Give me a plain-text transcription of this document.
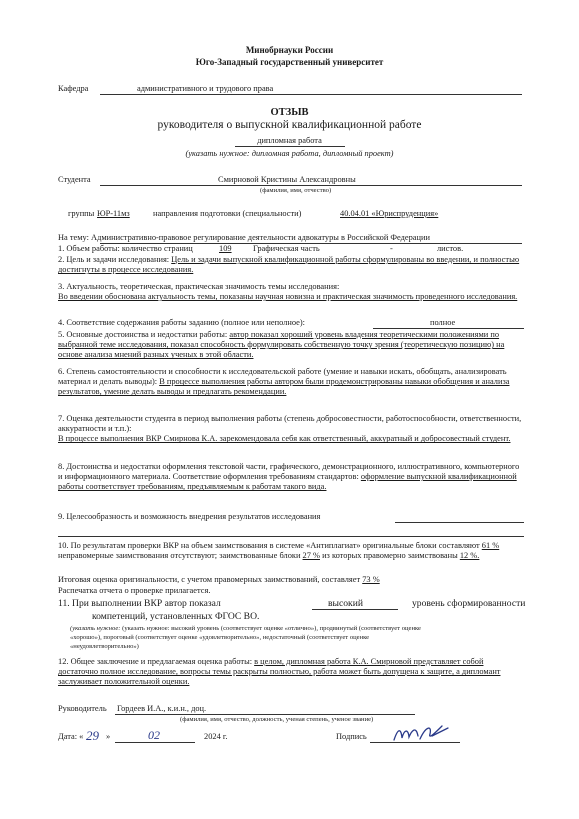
Минобрнауки России
Юго-Западный государственный университет
Кафедра	административного и трудового права
ОТЗЫВ
руководителя о выпускной квалификационной работе
дипломная работа
(указать нужное: дипломная работа, дипломный проект)
Студента	Смирновой Кристины Александровны
(фамилия, имя, отчество)
группы ЮР-11мз	направления подготовки (специальности)	40.04.01 «Юриспруденция»
На тему: Административно-правовое регулирование деятельности адвокатуры в Российской Федерации
1. Объем работы: количество страниц	109	Графическая часть	-	листов.
2. Цель и задачи исследования: Цель и задачи выпускной квалификационной работы сформулированы во введении, и полностью достигнуты в процессе исследования.
3. Актуальность, теоретическая, практическая значимость темы исследования:
Во введении обоснована актуальность темы, показаны научная новизна и практическая значимость проведенного исследования.
4. Соответствие содержания работы заданию (полное или неполное):	полное
5. Основные достоинства и недостатки работы: автор показал хороший уровень владения теоретическими положениями по выбранной теме исследования, показал способность формулировать собственную точку зрения (теоретическую позицию) на основе анализа мнений разных ученых в этой области.
6. Степень самостоятельности и способности к исследовательской работе (умение и навыки искать, обобщать, анализировать материал и делать выводы): В процессе выполнения работы автором были продемонстрированы навыки обобщения и анализа результатов, умение делать выводы и предлагать рекомендации.
7. Оценка деятельности студента в период выполнения работы (степень добросовестности, работоспособности, ответственности, аккуратности и т.п.):
В процессе выполнения ВКР Смирнова К.А. зарекомендовала себя как ответственный, аккуратный и добросовестный студент.
8. Достоинства и недостатки оформления текстовой части, графического, демонстрационного, иллюстративного, компьютерного и информационного материала. Соответствие оформления требованиям стандартов: оформление выпускной квалификационной работы соответствует требованиям, предъявляемым к работам такого вида.
9. Целесообразность и возможность внедрения результатов исследования
10. По результатам проверки ВКР на объем заимствования в системе «Антиплагиат» оригинальные блоки составляют 61 % неправомерные заимствования отсутствуют; заимствованные блоки 27 % из которых правомерно заимствованы 12 %.
Итоговая оценка оригинальности, с учетом правомерных заимствований, составляет 73 %
Распечатка отчета о проверке прилагается.
11. При выполнении ВКР автор показал	высокий	уровень сформированности
компетенций, установленных ФГОС ВО.
(указать нужное: (указать нужное: высокий уровень (соответствует оценке «отлично»), продвинутый (соответствует оценке
«хорошо»), пороговый (соответствует оценке «удовлетворительно», недостаточный (соответствует оценке
«неудовлетворительно»)
12. Общее заключение и предлагаемая оценка работы: в целом, дипломная работа К.А. Смирновой представляет собой достаточно полное исследование, вопросы темы раскрыты полностью, работа может быть допущена к защите, а дипломант заслуживает положительной оценки.
Руководитель Гордеев И.А., к.и.н., доц.
(фамилия, имя, отчество, должность, ученая степень, ученое звание)
Дата: « 29 »	02	2024 г.	Подпись
